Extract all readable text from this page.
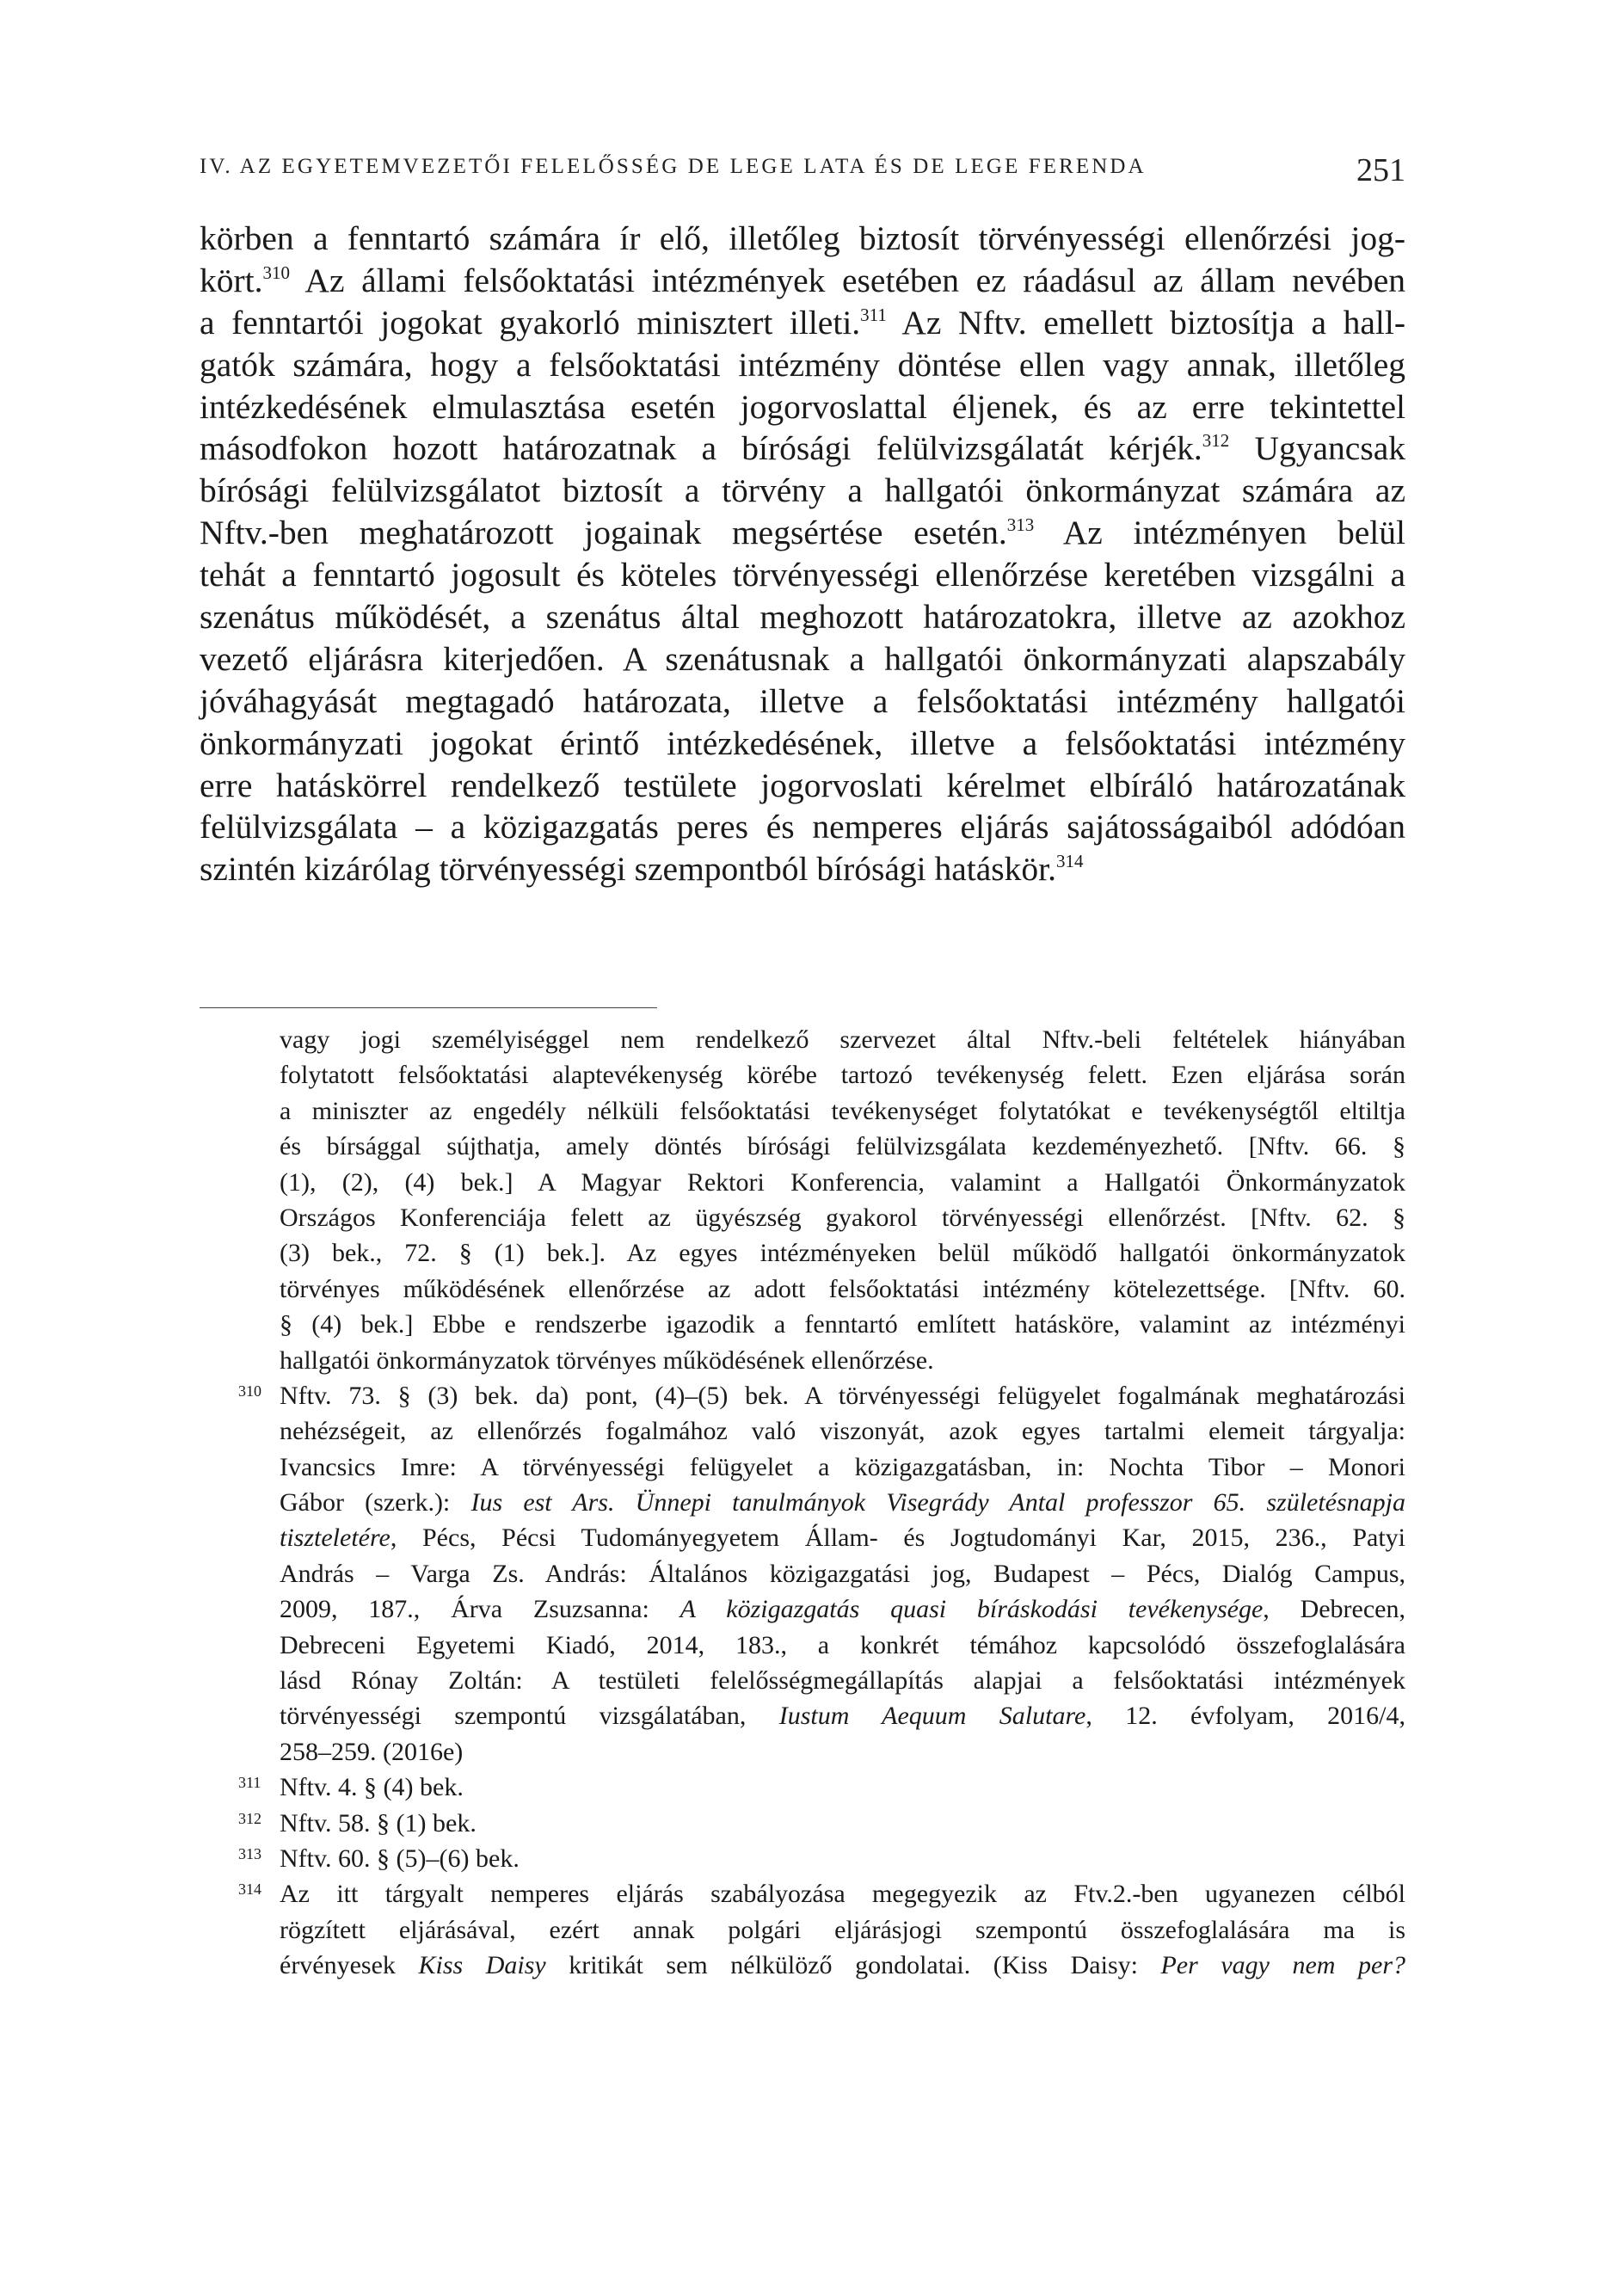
IV. AZ EGYETEMVEZETŐI FELELŐSSÉG DE LEGE LATA ÉS DE LEGE FERENDA	251
körben a fenntartó számára ír elő, illetőleg biztosít törvényességi ellenőrzési jog-
kört.$^{310}$ Az állami felsőoktatási intézmények esetében ez ráadásul az állam nevében
a fenntartói jogokat gyakorló minisztert illeti.$^{311}$ Az Nftv. emellett biztosítja a hall-
gatók számára, hogy a felsőoktatási intézmény döntése ellen vagy annak, illetőleg
intézkedésének elmulasztása esetén jogorvoslattal éljenek, és az erre tekintettel
másodfokon hozott határozatnak a bírósági felülvizsgálatát kérjék.$^{312}$ Ugyancsak
bírósági felülvizsgálatot biztosít a törvény a hallgatói önkormányzat számára az
Nftv.-ben meghatározott jogainak megsértése esetén.$^{313}$ Az intézményen belül
tehát a fenntartó jogosult és köteles törvényességi ellenőrzése keretében vizsgálni a
szenátus működését, a szenátus által meghozott határozatokra, illetve az azokhoz
vezető eljárásra kiterjedően. A szenátusnak a hallgatói önkormányzati alapszabály
jóváhagyását megtagadó határozata, illetve a felsőoktatási intézmény hallgatói
önkormányzati jogokat érintő intézkedésének, illetve a felsőoktatási intézmény
erre hatáskörrel rendelkező testülete jogorvoslati kérelmet elbíráló határozatának
felülvizsgálata – a közigazgatás peres és nemperes eljárás sajátosságaiból adódóan
szintén kizárólag törvényességi szempontból bírósági hatáskör.$^{314}$
vagy jogi személyiséggel nem rendelkező szervezet által Nftv.-beli feltételek hiányában
folytatott felsőoktatási alaptevékenység körébe tartozó tevékenység felett. Ezen eljárása során
a miniszter az engedély nélküli felsőoktatási tevékenységet folytatókat e tevékenységtől eltiltja
és bírsággal sújthatja, amely döntés bírósági felülvizsgálata kezdeményezhető. [Nftv. 66. §
(1), (2), (4) bek.] A Magyar Rektori Konferencia, valamint a Hallgatói Önkormányzatok
Országos Konferenciája felett az ügyészség gyakorol törvényességi ellenőrzést. [Nftv. 62. §
(3) bek., 72. § (1) bek.]. Az egyes intézményeken belül működő hallgatói önkormányzatok
törvényes működésének ellenőrzése az adott felsőoktatási intézmény kötelezettsége. [Nftv. 60.
§ (4) bek.] Ebbe e rendszerbe igazodik a fenntartó említett hatásköre, valamint az intézményi
hallgatói önkormányzatok törvényes működésének ellenőrzése.
310 Nftv. 73. § (3) bek. da) pont, (4)–(5) bek. A törvényességi felügyelet fogalmának meghatározási
nehézségeit, az ellenőrzés fogalmához való viszonyát, azok egyes tartalmi elemeit tárgyalja:
Ivancsics Imre: A törvényességi felügyelet a közigazgatásban, in: Nochta Tibor – Monori
Gábor (szerk.): Ius est Ars. Ünnepi tanulmányok Visegrády Antal professzor 65. születésnapja
tiszteletére, Pécs, Pécsi Tudományegyetem Állam- és Jogtudományi Kar, 2015, 236., Patyi
András – Varga Zs. András: Általános közigazgatási jog, Budapest – Pécs, Dialóg Campus,
2009, 187., Árva Zsuzsanna: A közigazgatás quasi bíráskodási tevékenysége, Debrecen,
Debreceni Egyetemi Kiadó, 2014, 183., a konkrét témához kapcsolódó összefoglalására
lásd Rónay Zoltán: A testületi felelősségmegállapítás alapjai a felsőoktatási intézmények
törvényességi szempontú vizsgálatában, Iustum Aequum Salutare, 12. évfolyam, 2016/4,
258–259. (2016e)
311 Nftv. 4. § (4) bek.
312 Nftv. 58. § (1) bek.
313 Nftv. 60. § (5)–(6) bek.
314 Az itt tárgyalt nemperes eljárás szabályozása megegyezik az Ftv.2.-ben ugyanezen célból
rögzített eljárásával, ezért annak polgári eljárásjogi szempontú összefoglalására ma is
érvényesek Kiss Daisy kritikát sem nélkülöző gondolatai. (Kiss Daisy: Per vagy nem per?
